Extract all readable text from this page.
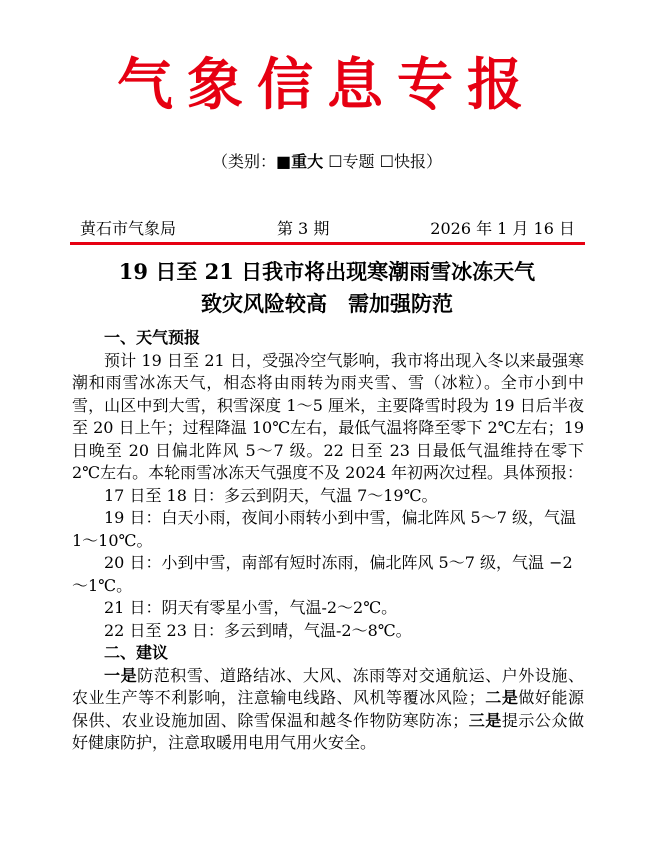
气象信息专报
（类别：■重大 ☐专题 ☐快报）
黄石市气象局	第 3 期	2026 年 1 月 16 日
19 日至 21 日我市将出现寒潮雨雪冰冻天气
致灾风险较高　需加强防范

一、天气预报

预计 19 日至 21 日，受强冷空气影响，我市将出现入冬以来最强寒潮和雨雪冰冻天气，相态将由雨转为雨夹雪、雪（冰粒）。全市小到中雪，山区中到大雪，积雪深度 1～5 厘米，主要降雪时段为 19 日后半夜至 20 日上午；过程降温 10℃左右，最低气温将降至零下 2℃左右；19 日晚至 20 日偏北阵风 5～7 级。22 日至 23 日最低气温维持在零下 2℃左右。本轮雨雪冰冻天气强度不及 2024 年初两次过程。具体预报：

17 日至 18 日：多云到阴天，气温 7～19℃。

19 日：白天小雨，夜间小雨转小到中雪，偏北阵风 5～7 级，气温 1～10℃。

20 日：小到中雪，南部有短时冻雨，偏北阵风 5～7 级，气温 −2～1℃。

21 日：阴天有零星小雪，气温-2～2℃。

22 日至 23 日：多云到晴，气温-2～8℃。

二、建议

一是防范积雪、道路结冰、大风、冻雨等对交通航运、户外设施、农业生产等不利影响，注意输电线路、风机等覆冰风险；二是做好能源保供、农业设施加固、除雪保温和越冬作物防寒防冻；三是提示公众做好健康防护，注意取暖用电用气用火安全。
